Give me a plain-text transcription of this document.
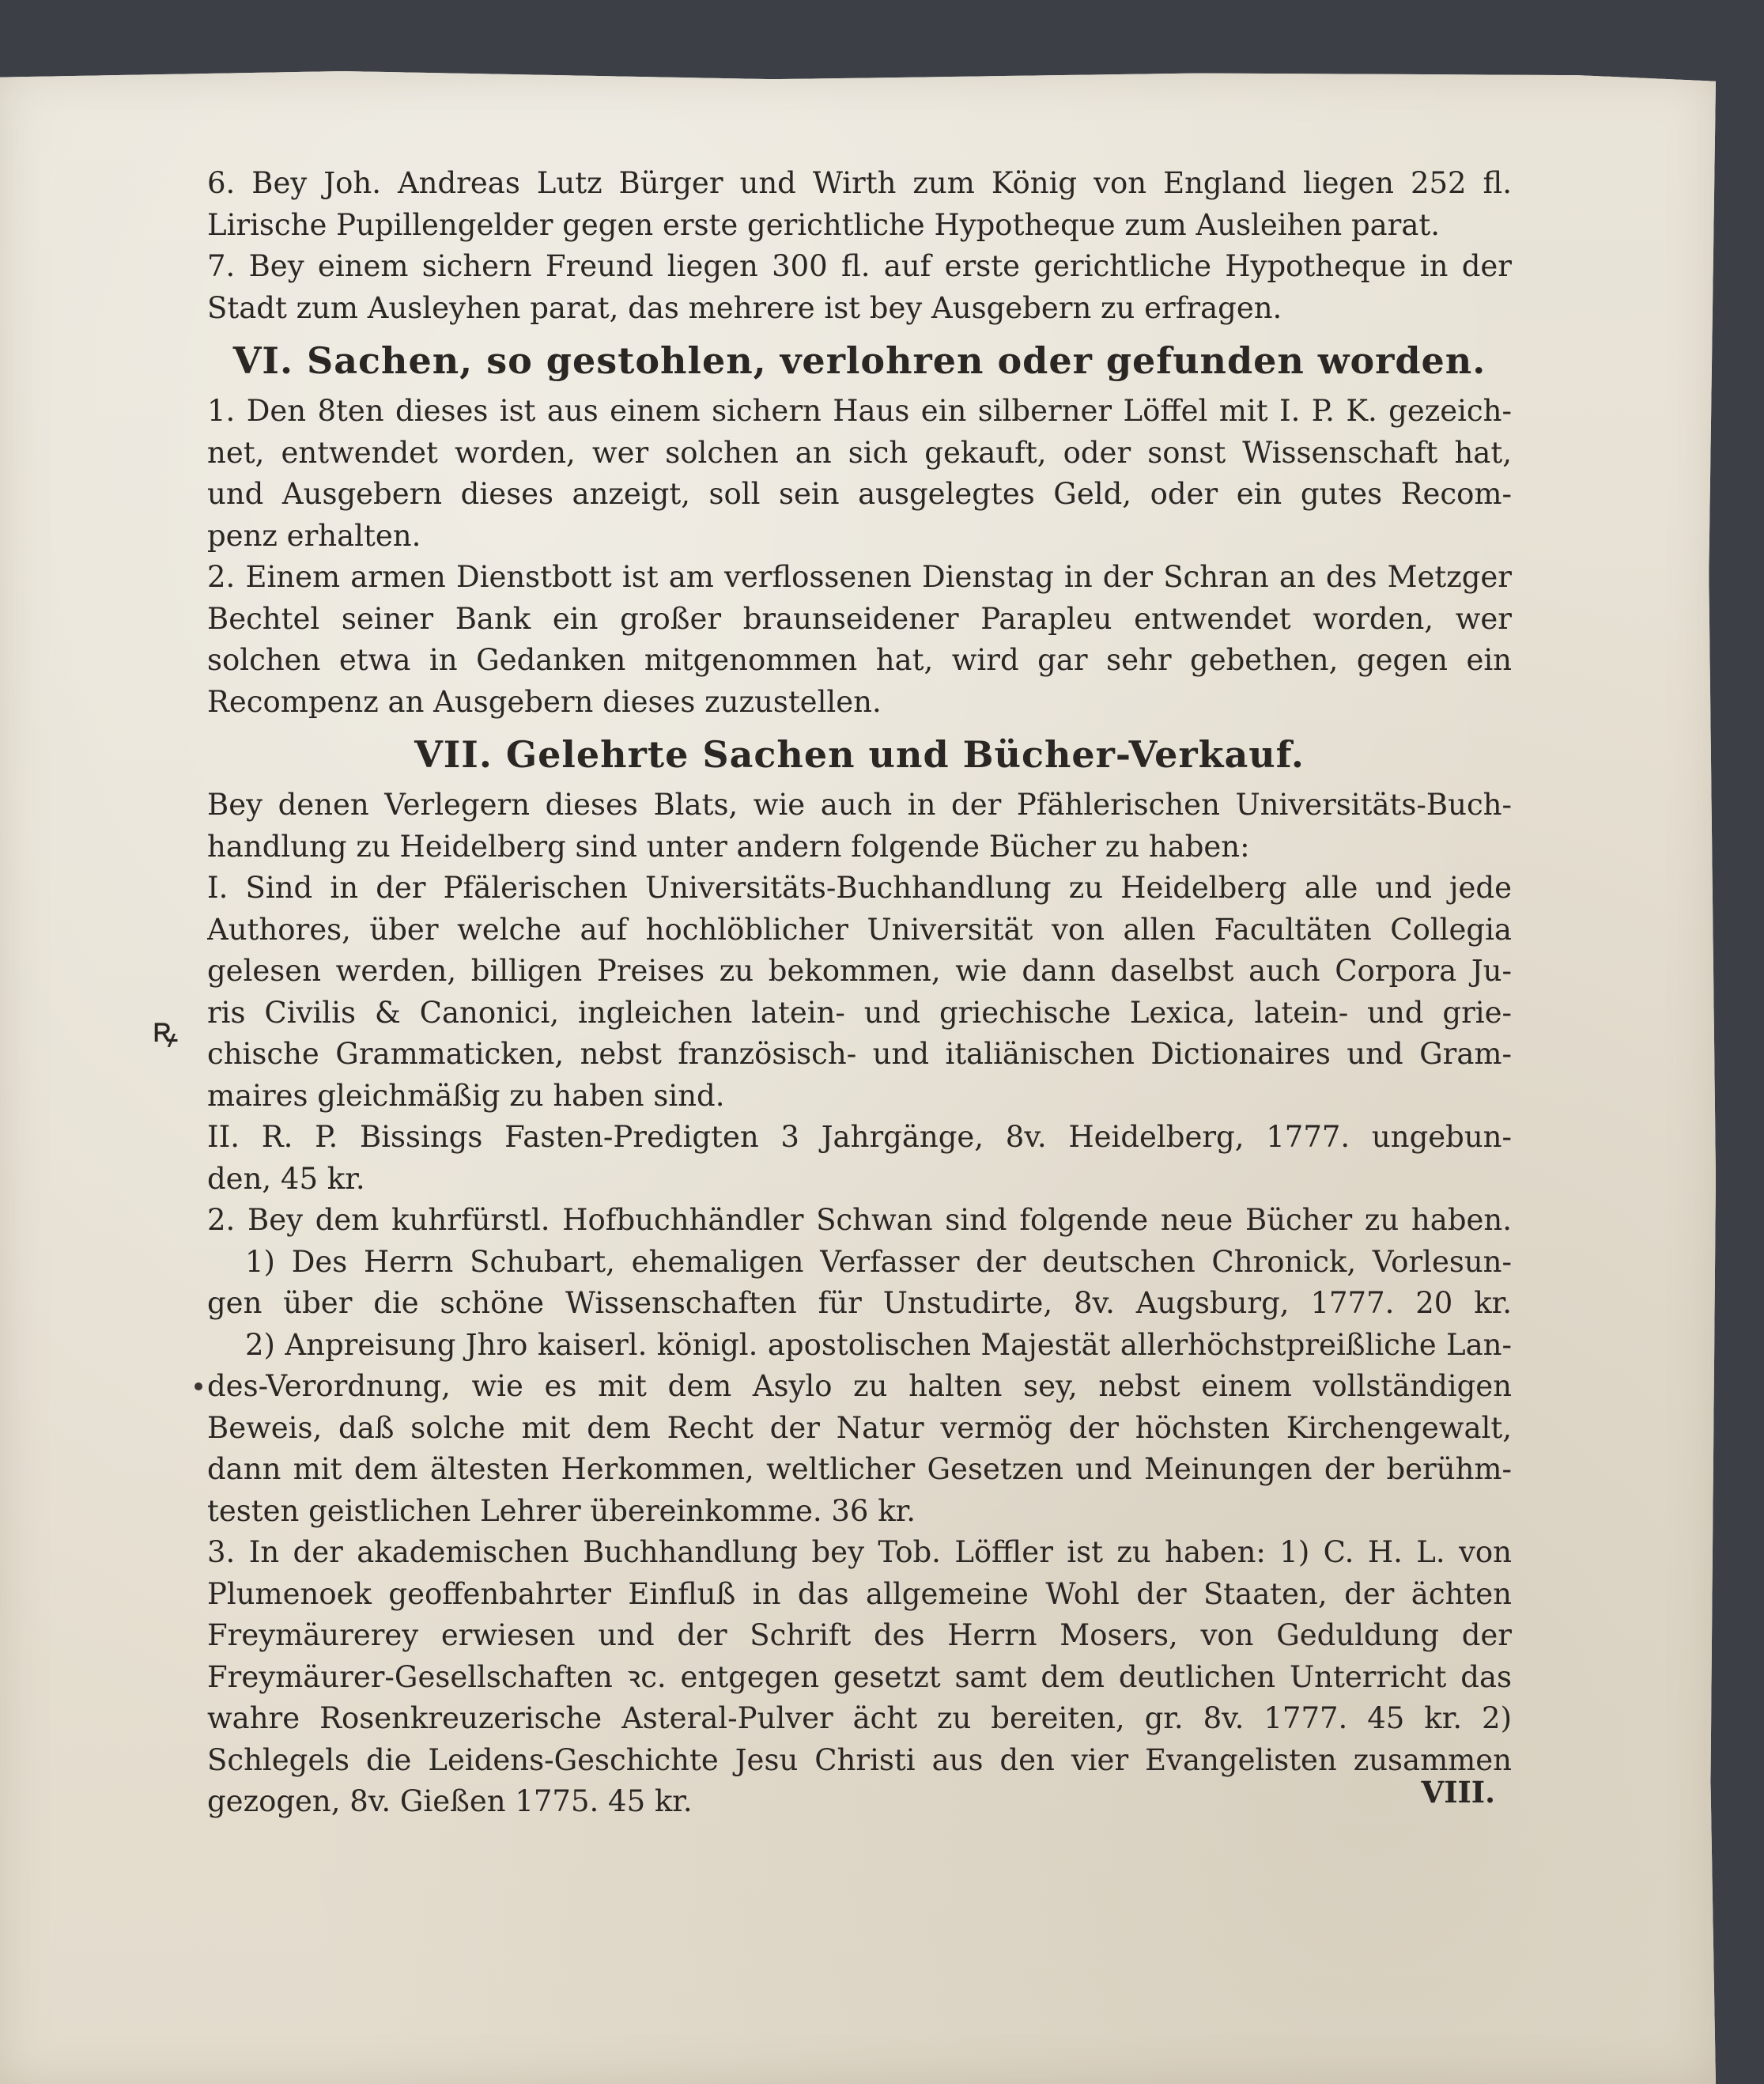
ꝶ
6. Bey Joh. Andreas Lutz Bürger und Wirth zum König von England liegen 252 fl.
Lirische Pupillengelder gegen erste gerichtliche Hypotheque zum Ausleihen parat.
7. Bey einem sichern Freund liegen 300 fl. auf erste gerichtliche Hypotheque in der
Stadt zum Ausleyhen parat, das mehrere ist bey Ausgebern zu erfragen.
VI. Sachen, so gestohlen, verlohren oder gefunden worden.
1. Den 8ten dieses ist aus einem sichern Haus ein silberner Löffel mit I. P. K. gezeich-
net, entwendet worden, wer solchen an sich gekauft, oder sonst Wissenschaft hat,
und Ausgebern dieses anzeigt, soll sein ausgelegtes Geld, oder ein gutes Recom-
penz erhalten.
2. Einem armen Dienstbott ist am verflossenen Dienstag in der Schran an des Metzger
Bechtel seiner Bank ein großer braunseidener Parapleu entwendet worden, wer
solchen etwa in Gedanken mitgenommen hat, wird gar sehr gebethen, gegen ein
Recompenz an Ausgebern dieses zuzustellen.
VII. Gelehrte Sachen und Bücher-Verkauf.
Bey denen Verlegern dieses Blats, wie auch in der Pfählerischen Universitäts-Buch-
handlung zu Heidelberg sind unter andern folgende Bücher zu haben:
I. Sind in der Pfälerischen Universitäts-Buchhandlung zu Heidelberg alle und jede
Authores, über welche auf hochlöblicher Universität von allen Facultäten Collegia
gelesen werden, billigen Preises zu bekommen, wie dann daselbst auch Corpora Ju-
ris Civilis & Canonici, ingleichen latein- und griechische Lexica, latein- und grie-
chische Grammaticken, nebst französisch- und italiänischen Dictionaires und Gram-
maires gleichmäßig zu haben sind.
II. R. P. Bissings Fasten-Predigten 3 Jahrgänge, 8v. Heidelberg, 1777. ungebun-
den, 45 kr.
2. Bey dem kuhrfürstl. Hofbuchhändler Schwan sind folgende neue Bücher zu haben.
1) Des Herrn Schubart, ehemaligen Verfasser der deutschen Chronick, Vorlesun-
gen über die schöne Wissenschaften für Unstudirte, 8v. Augsburg, 1777. 20 kr.
2) Anpreisung Jhro kaiserl. königl. apostolischen Majestät allerhöchstpreißliche Lan-
des-Verordnung, wie es mit dem Asylo zu halten sey, nebst einem vollständigen
Beweis, daß solche mit dem Recht der Natur vermög der höchsten Kirchengewalt,
dann mit dem ältesten Herkommen, weltlicher Gesetzen und Meinungen der berühm-
testen geistlichen Lehrer übereinkomme. 36 kr.
3. In der akademischen Buchhandlung bey Tob. Löffler ist zu haben: 1) C. H. L. von
Plumenoek geoffenbahrter Einfluß in das allgemeine Wohl der Staaten, der ächten
Freymäurerey erwiesen und der Schrift des Herrn Mosers, von Geduldung der
Freymäurer-Gesellschaften ꝛc. entgegen gesetzt samt dem deutlichen Unterricht das
wahre Rosenkreuzerische Asteral-Pulver ächt zu bereiten, gr. 8v. 1777. 45 kr. 2)
Schlegels die Leidens-Geschichte Jesu Christi aus den vier Evangelisten zusammen
gezogen, 8v. Gießen 1775. 45 kr.	VIII.
